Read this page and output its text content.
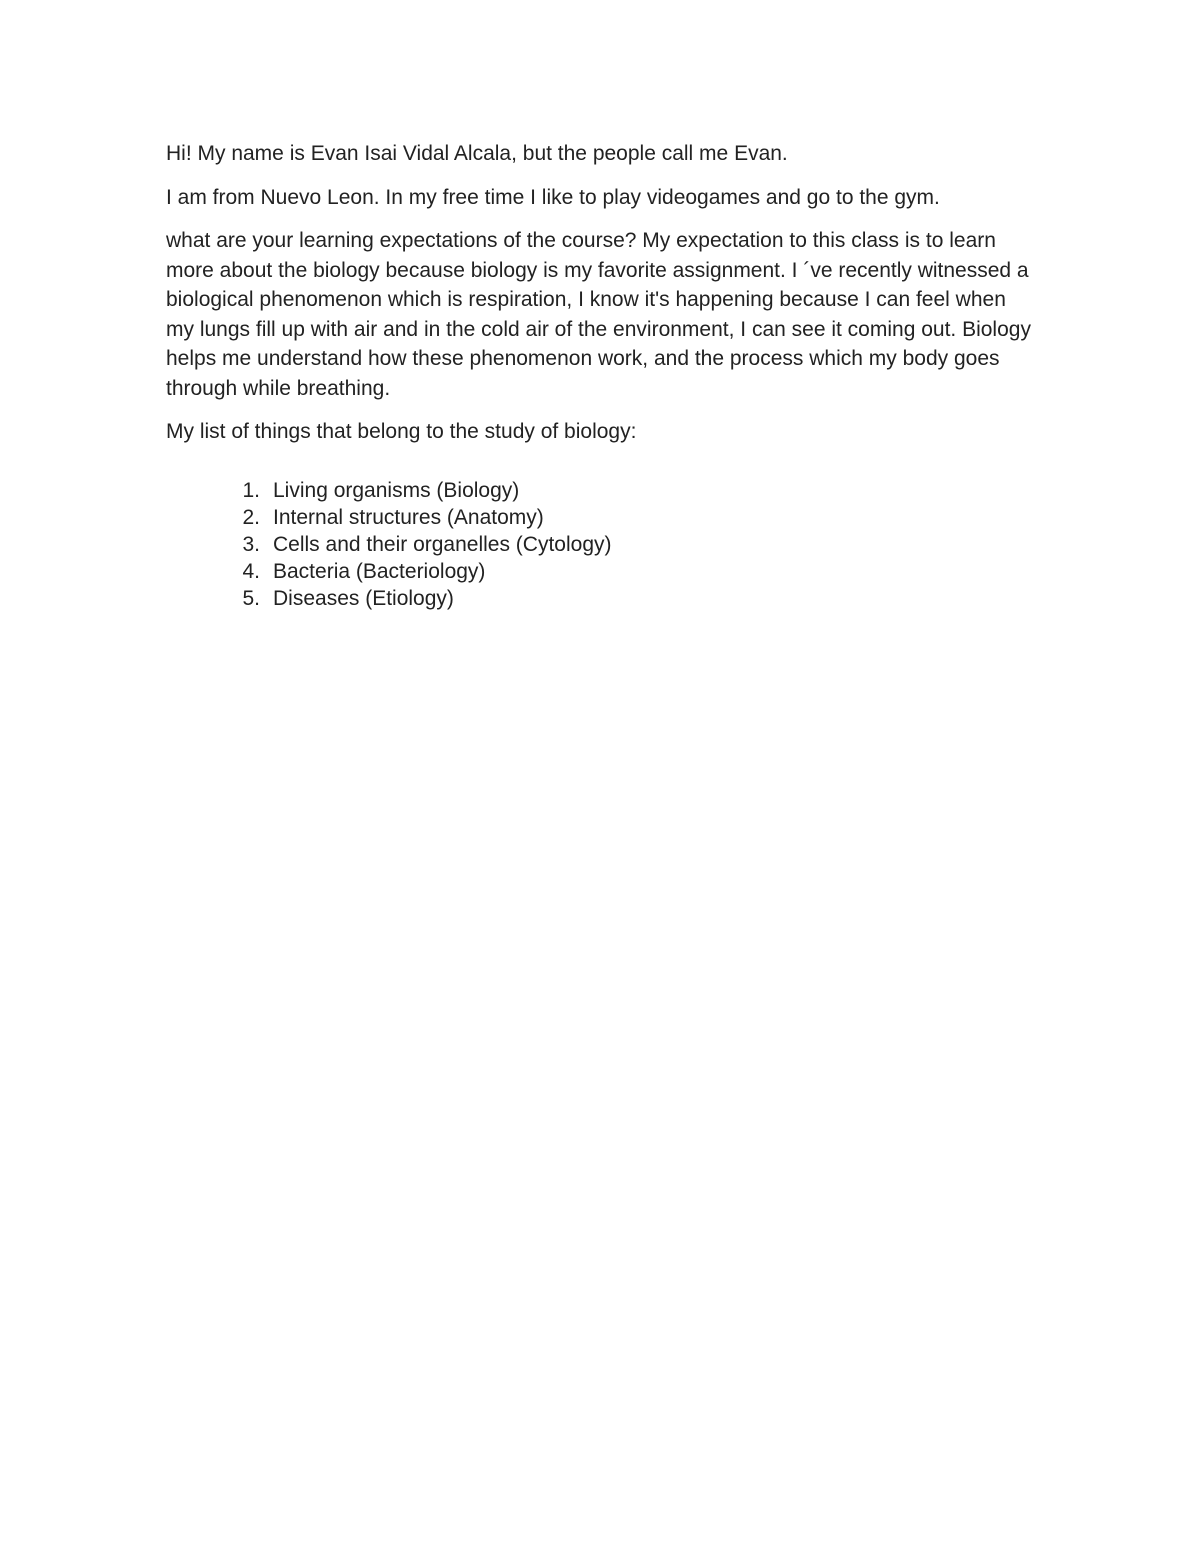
Hi! My name is Evan Isai Vidal Alcala, but the people call me Evan.

I am from Nuevo Leon. In my free time I like to play videogames and go to the gym.

what are your learning expectations of the course? My expectation to this class is to learn more about the biology because biology is my favorite assignment. I ´ve recently witnessed a biological phenomenon which is respiration, I know it's happening because I can feel when my lungs fill up with air and in the cold air of the environment, I can see it coming out. Biology helps me understand how these phenomenon work, and the process which my body goes through while breathing.

My list of things that belong to the study of biology:

1. Living organisms (Biology)
2. Internal structures (Anatomy)
3. Cells and their organelles (Cytology)
4. Bacteria (Bacteriology)
5. Diseases (Etiology)
